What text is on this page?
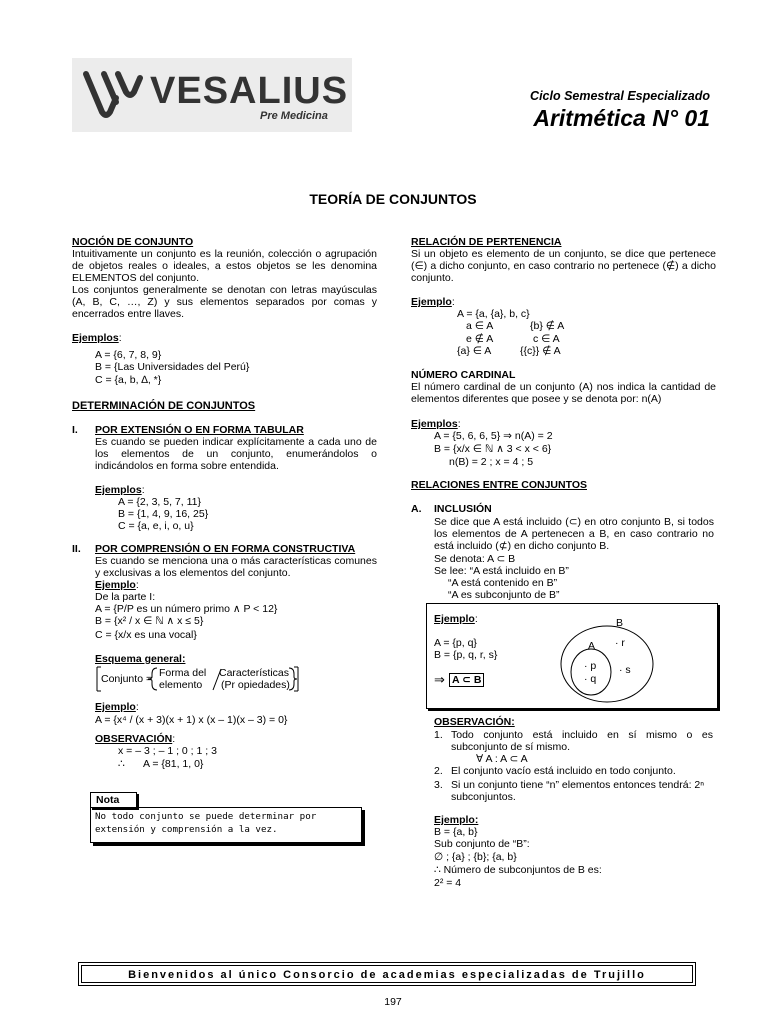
VESALIUS
Pre Medicina
Ciclo Semestral Especializado
Aritmética N° 01
TEORÍA DE CONJUNTOS
NOCIÓN DE CONJUNTO
Intuitivamente un conjunto es la reunión, colección o agrupación de objetos reales o ideales, a estos objetos se les denomina ELEMENTOS del conjunto.
Los conjuntos generalmente se denotan con letras mayúsculas (A, B, C, …, Z) y sus elementos separados por comas y encerrados entre llaves.
Ejemplos:
A = {6, 7, 8, 9}
B = {Las Universidades del Perú}
C = {a, b, ∆, *}
DETERMINACIÓN DE CONJUNTOS
I. POR EXTENSIÓN O EN FORMA TABULAR
Es cuando se pueden indicar explícitamente a cada uno de los elementos de un conjunto, enumerándolos o indicándolos en forma sobre entendida.
Ejemplos:
A = {2, 3, 5, 7, 11}
B = {1, 4, 9, 16, 25}
C = {a, e, i, o, u}
II. POR COMPRENSIÓN O EN FORMA CONSTRUCTIVA
Es cuando se menciona una o más características comunes y exclusivas a los elementos del conjunto.
Ejemplo:
De la parte I:
A = {P/P es un número primo ∧ P < 12}
B = {x² / x ∈ ℕ ∧ x ≤ 5}
C = {x/x es una vocal}
Esquema general:
Conjunto = Forma del
elemento
Características
(Pr opiedades)
Ejemplo:
A = {x⁴ / (x + 3)(x + 1) x (x – 1)(x – 3) = 0}
OBSERVACIÓN:
x = – 3 ; – 1 ; 0 ; 1 ; 3
∴ A = {81, 1, 0}
Nota
No todo conjunto se puede determinar por extensión y comprensión a la vez.
RELACIÓN DE PERTENENCIA
Si un objeto es elemento de un conjunto, se dice que pertenece (∈) a dicho conjunto, en caso contrario no pertenece (∉) a dicho conjunto.
Ejemplo:
A = {a, {a}, b, c}
a ∈ A	{b} ∉ A
e ∉ A	c ∈ A
{a} ∈ A	{{c}} ∉ A
NÚMERO CARDINAL
El número cardinal de un conjunto (A) nos indica la cantidad de elementos diferentes que posee y se denota por: n(A)
Ejemplos:
A = {5, 6, 6, 5} ⇒ n(A) = 2
B = {x/x ∈ ℕ ∧ 3 < x < 6}
n(B) = 2 ; x = 4 ; 5
RELACIONES ENTRE CONJUNTOS
A. INCLUSIÓN
Se dice que A está incluido (⊂) en otro conjunto B, si todos los elementos de A pertenecen a B, en caso contrario no está incluido (⊄) en dicho conjunto B.
Se denota: A ⊂ B
Se lee: “A está incluido en B”
“A está contenido en B”
“A es subconjunto de B”
Ejemplo:
A = {p, q}
B = {p, q, r, s}
⇒ A ⊂ B
B
A · r
· p
· q
· s
OBSERVACIÓN:
1. Todo conjunto está incluido en sí mismo o es subconjunto de sí mismo.
∀ A : A ⊂ A
2. El conjunto vacío está incluido en todo conjunto.
3. Si un conjunto tiene “n” elementos entonces tendrá: 2ⁿ subconjuntos.
Ejemplo:
B = {a, b}
Sub conjunto de “B”:
∅ ; {a} ; {b}; {a, b}
∴ Número de subconjuntos de B es:
2² = 4
Bienvenidos al único Consorcio de academias especializadas de Trujillo
197
